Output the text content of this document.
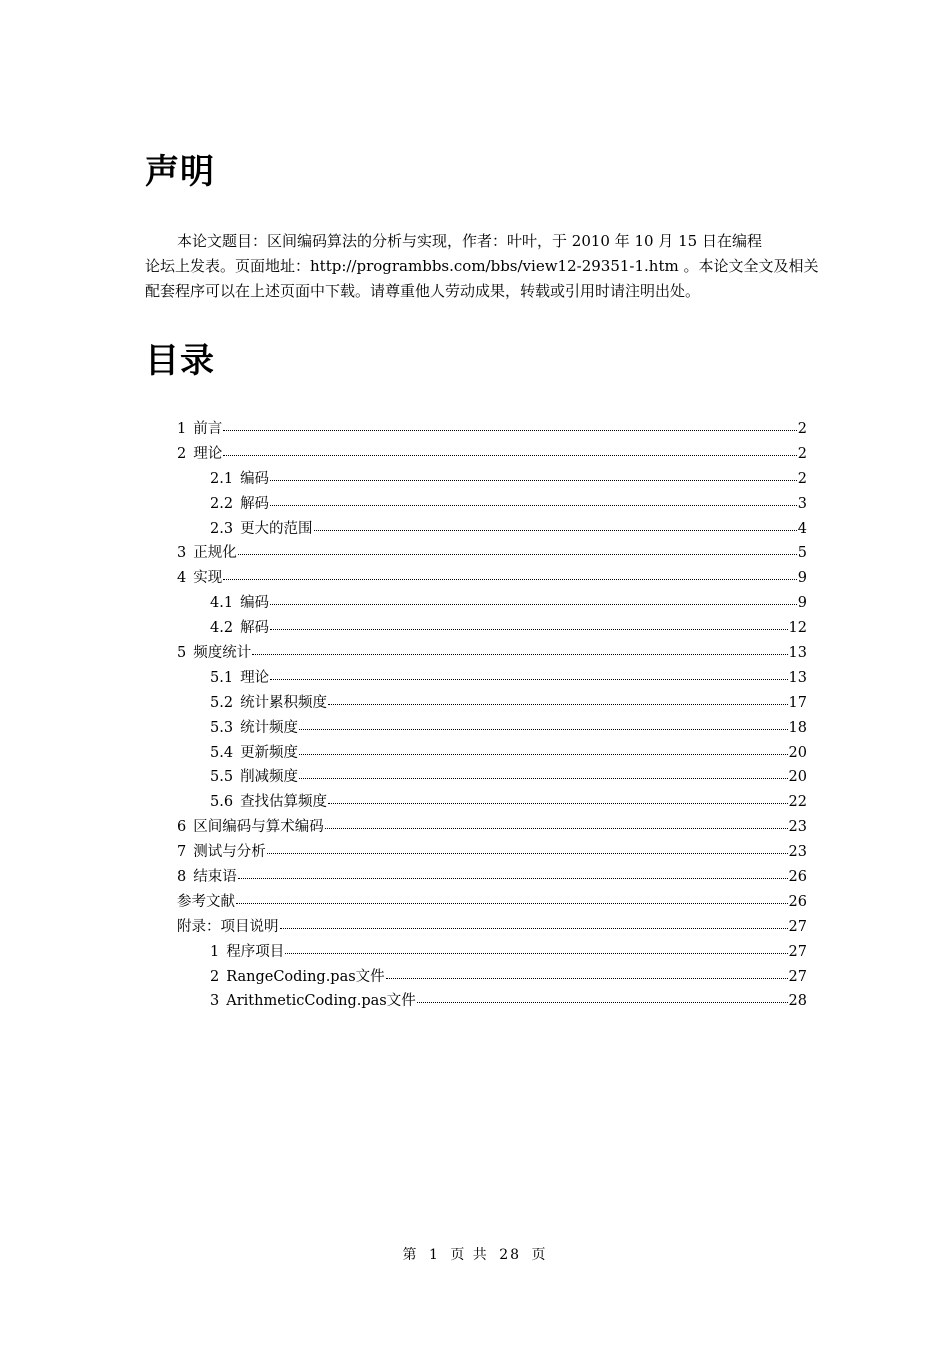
声明

本论文题目：区间编码算法的分析与实现，作者：叶叶，于 2010 年 10 月 15 日在编程

论坛上发表。页面地址：http://programbbs.com/bbs/view12-29351-1.htm 。本论文全文及相关

配套程序可以在上述页面中下载。请尊重他人劳动成果，转载或引用时请注明出处。

目录
1 前言	2
2 理论	2
2.1 编码	2
2.2 解码	3
2.3 更大的范围	4
3 正规化	5
4 实现	9
4.1 编码	9
4.2 解码	12
5 频度统计	13
5.1 理论	13
5.2 统计累积频度	17
5.3 统计频度	18
5.4 更新频度	20
5.5 削减频度	20
5.6 查找估算频度	22
6 区间编码与算术编码	23
7 测试与分析	23
8 结束语	26
参考文献	26
附录：项目说明	27
1 程序项目	27
2 RangeCoding.pas文件	27
3 ArithmeticCoding.pas文件	28
第 1 页 共 28 页
